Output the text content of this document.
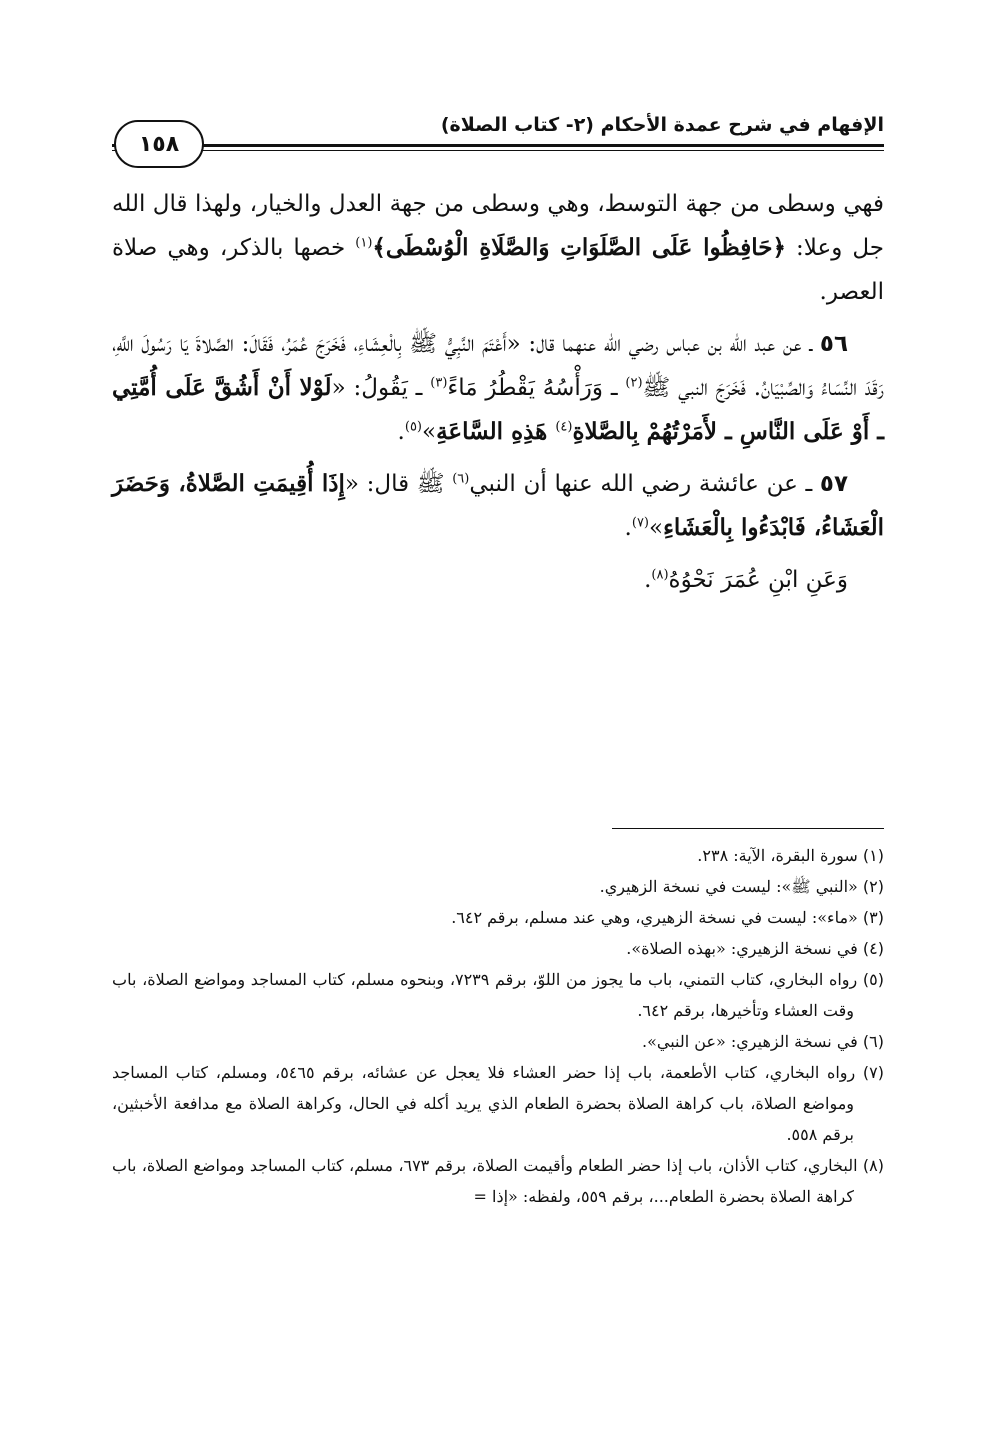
الإفهام في شرح عمدة الأحكام (٢- كتاب الصلاة)
١٥٨

فهي وسطى من جهة التوسط، وهي وسطى من جهة العدل والخيار، ولهذا قال الله جل وعلا: ﴿حَافِظُوا عَلَى الصَّلَوَاتِ وَالصَّلَاةِ الْوُسْطَى﴾$^{(١)}$ خصها بالذكر، وهي صلاة العصر.

٥٦ ـ عن عبد الله بن عباس رضي الله عنهما قال: «أَعْتَمَ النَّبِيُّ ﷺ بِالْعِشَاءِ، فَخَرَجَ عُمَرُ، فَقَالَ: الصَّلاةَ يَا رَسُولَ اللَّهِ، رَقَدَ النِّسَاءُ وَالصِّبْيَانُ. فَخَرَجَ النبي ﷺ$^{(٢)}$ ـ وَرَأْسُهُ يَقْطُرُ مَاءً$^{(٣)}$ ـ يَقُولُ: «لَوْلا أَنْ أَشُقَّ عَلَى أُمَّتِي ـ أَوْ عَلَى النَّاسِ ـ لأَمَرْتُهُمْ بِالصَّلاةِ$^{(٤)}$ هَذِهِ السَّاعَةِ»$^{(٥)}$.

٥٧ ـ عن عائشة رضي الله عنها أن النبي$^{(٦)}$ ﷺ قال: «إِذَا أُقِيمَتِ الصَّلاةُ، وَحَضَرَ الْعَشَاءُ، فَابْدَءُوا بِالْعَشَاءِ»$^{(٧)}$.

وَعَنِ ابْنِ عُمَرَ نَحْوُهُ$^{(٨)}$.

(١) سورة البقرة، الآية: ٢٣٨.

(٢) «النبي ﷺ»: ليست في نسخة الزهيري.

(٣) «ماء»: ليست في نسخة الزهيري، وهي عند مسلم، برقم ٦٤٢.

(٤) في نسخة الزهيري: «بهذه الصلاة».

(٥) رواه البخاري، كتاب التمني، باب ما يجوز من اللوّ، برقم ٧٢٣٩، وبنحوه مسلم، كتاب المساجد ومواضع الصلاة، باب وقت العشاء وتأخيرها، برقم ٦٤٢.

(٦) في نسخة الزهيري: «عن النبي».

(٧) رواه البخاري، كتاب الأطعمة، باب إذا حضر العشاء فلا يعجل عن عشائه، برقم ٥٤٦٥، ومسلم، كتاب المساجد ومواضع الصلاة، باب كراهة الصلاة بحضرة الطعام الذي يريد أكله في الحال، وكراهة الصلاة مع مدافعة الأخبثين، برقم ٥٥٨.

(٨) البخاري، كتاب الأذان، باب إذا حضر الطعام وأقيمت الصلاة، برقم ٦٧٣، مسلم، كتاب المساجد ومواضع الصلاة، باب كراهة الصلاة بحضرة الطعام...، برقم ٥٥٩، ولفظه: «إذا =
